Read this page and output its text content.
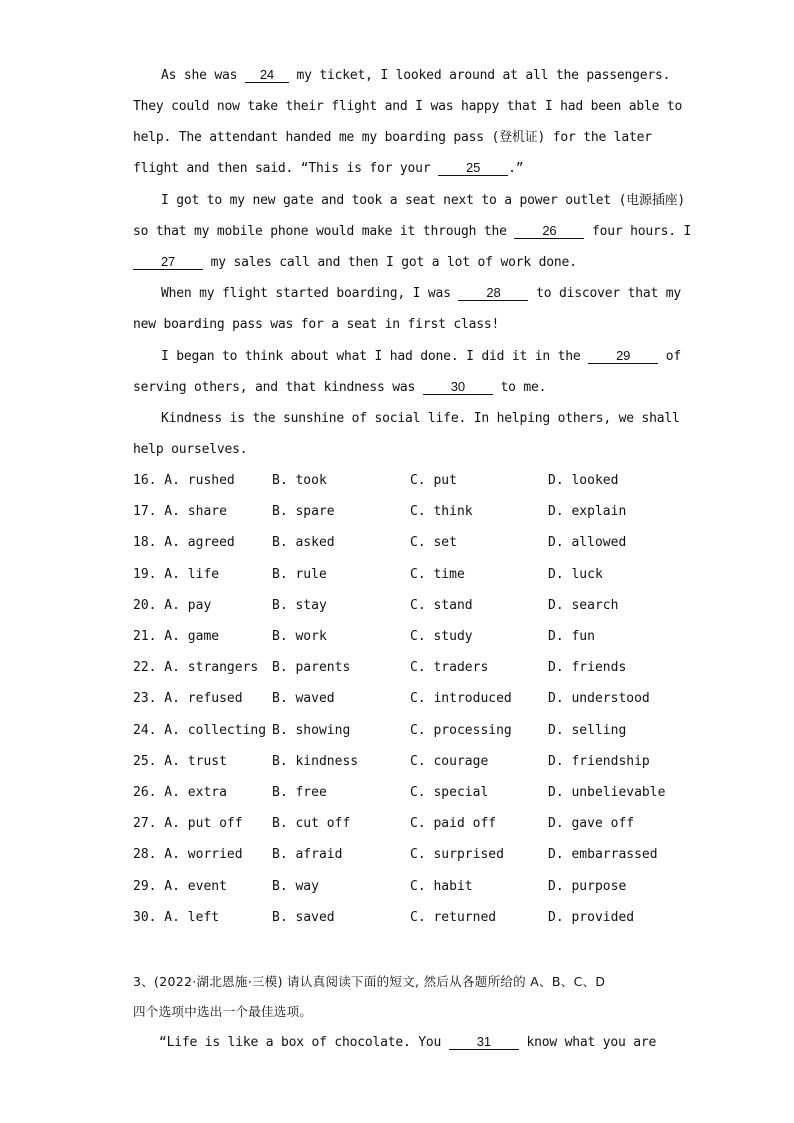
As she was 24 my ticket, I looked around at all the passengers.
They could now take their flight and I was happy that I had been able to
help. The attendant handed me my boarding pass (登机证) for the later
flight and then said. “This is for your 25 .”
I got to my new gate and took a seat next to a power outlet (电源插座)
so that my mobile phone would make it through the 26 four hours. I
27 my sales call and then I got a lot of work done.
When my flight started boarding, I was 28 to discover that my
new boarding pass was for a seat in first class!
I began to think about what I had done. I did it in the 29 of
serving others, and that kindness was 30 to me.
Kindness is the sunshine of social life. In helping others, we shall
help ourselves.
16. A. rushed	B. took	C. put	D. looked
17. A. share	B. spare	C. think	D. explain
18. A. agreed	B. asked	C. set	D. allowed
19. A. life	B. rule	C. time	D. luck
20. A. pay	B. stay	C. stand	D. search
21. A. game	B. work	C. study	D. fun
22. A. strangers B. parents	C. traders	D. friends
23. A. refused B. waved	C. introduced	D. understood
24. A. collecting B. showing	C. processing	D. selling
25. A. trust	B. kindness	C. courage	D. friendship
26. A. extra	B. free	C. special	D. unbelievable
27. A. put off B. cut off	C. paid off	D. gave off
28. A. worried B. afraid	C. surprised	D. embarrassed
29. A. event	B. way	C. habit	D. purpose
30. A. left	B. saved	C. returned	D. provided
3、(2022·湖北恩施·三模) 请认真阅读下面的短文, 然后从各题所给的 A、B、C、D
四个选项中选出一个最佳选项。
“Life is like a box of chocolate. You 31 know what you are
